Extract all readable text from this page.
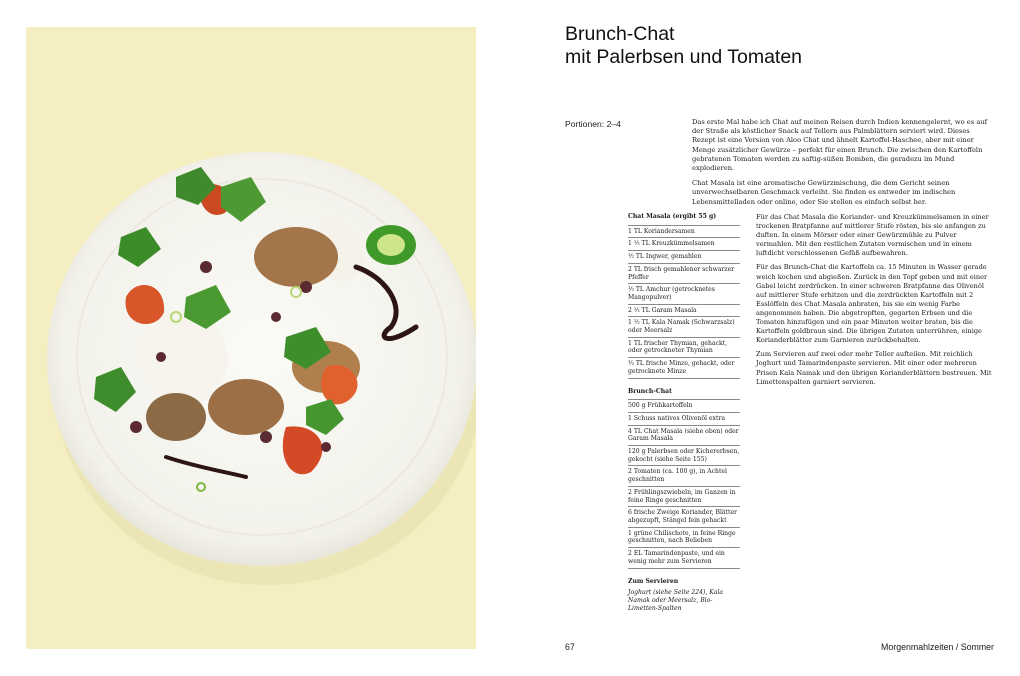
Brunch-Chat
mit Palerbsen und Tomaten
Portionen: 2–4	Das erste Mal habe ich Chat auf meinen Reisen durch Indien kennengelernt, wo es auf der Straße als köstlicher Snack auf Tellern aus Palmblättern serviert wird. Dieses Rezept ist eine Version von Aloo Chat und ähnelt Kartoffel-Haschee, aber mit einer Menge zusätzlicher Gewürze – perfekt für einen Brunch. Die zwischen den Kartoffeln gebratenen Tomaten werden zu saftig-süßen Bomben, die geradezu im Mund explodieren.

Chat Masala ist eine aromatische Gewürzmischung, die dem Gericht seinen unverwechselbaren Geschmack verleiht. Sie finden es entweder im indischen Lebensmittelladen oder online, oder Sie stellen es einfach selbst her.

Chat Masala (ergibt 55 g)
1 TL Koriandersamen
1 ½ TL Kreuzkümmelsamen
½ TL Ingwer, gemahlen
2 TL frisch gemahlener schwarzer Pfeffer
½ TL Amchur (getrocknetes Mangopulver)
2 ½ TL Garam Masala
1 ½ TL Kala Namak (Schwarzsalz) oder Meersalz
1 TL frischer Thymian, gehackt, oder getrockneter Thymian
½ TL frische Minze, gehackt, oder getrocknete Minze
Brunch-Chat
500 g Frühkartoffeln
1 Schuss natives Olivenöl extra
4 TL Chat Masala (siehe oben) oder Garam Masala
120 g Palerbsen oder Kichererbsen, gekocht (siehe Seite 155)
2 Tomaten (ca. 100 g), in Achtel geschnitten
2 Frühlingszwiebeln, im Ganzen in feine Ringe geschnitten
6 frische Zweige Koriander, Blätter abgezupft, Stängel fein gehackt
1 grüne Chilischote, in feine Ringe geschnitten, nach Belieben
2 EL Tamarindenpaste, und ein wenig mehr zum Servieren
Zum Servieren
Joghurt (siehe Seite 224), Kala Namak oder Meersalz, Bio-Limetten-Spalten

Für das Chat Masala die Koriander- und Kreuzkümmelsamen in einer trockenen Bratpfanne auf mittlerer Stufe rösten, bis sie anfangen zu duften. In einem Mörser oder einer Gewürzmühle zu Pulver vermahlen. Mit den restlichen Zutaten vermischen und in einem luftdicht verschlossenen Gefäß aufbewahren.

Für das Brunch-Chat die Kartoffeln ca. 15 Minuten in Wasser gerade weich kochen und abgießen. Zurück in den Topf geben und mit einer Gabel leicht zerdrücken. In einer schweren Bratpfanne das Olivenöl auf mittlerer Stufe erhitzen und die zerdrückten Kartoffeln mit 2 Esslöffeln des Chat Masala anbraten, bis sie ein wenig Farbe angenommen haben. Die abgetropften, gegarten Erbsen und die Tomaten hinzufügen und ein paar Minuten weiter braten, bis die Kartoffeln goldbraun sind. Die übrigen Zutaten unterrühren, einige Korianderblätter zum Garnieren zurückbehalten.

Zum Servieren auf zwei oder mehr Teller aufteilen. Mit reichlich Joghurt und Tamarindenpaste servieren. Mit einer oder mehreren Prisen Kala Namak und den übrigen Korianderblättern bestreuen. Mit Limettenspalten garniert servieren.

67	Morgenmahlzeiten / Sommer
